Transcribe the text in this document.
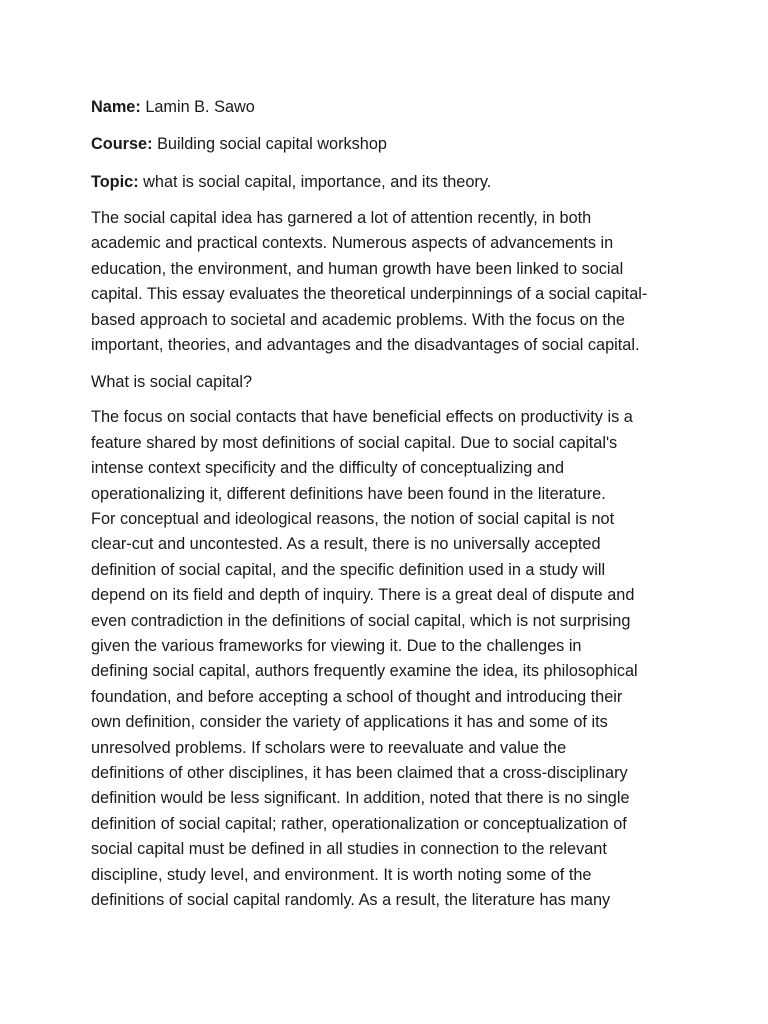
Name: Lamin B. Sawo
Course: Building social capital workshop
Topic: what is social capital, importance, and its theory.
The social capital idea has garnered a lot of attention recently, in both
academic and practical contexts. Numerous aspects of advancements in
education, the environment, and human growth have been linked to social
capital. This essay evaluates the theoretical underpinnings of a social capital-
based approach to societal and academic problems. With the focus on the
important, theories, and advantages and the disadvantages of social capital.
What is social capital?
The focus on social contacts that have beneficial effects on productivity is a
feature shared by most definitions of social capital. Due to social capital's
intense context specificity and the difficulty of conceptualizing and
operationalizing it, different definitions have been found in the literature.
For conceptual and ideological reasons, the notion of social capital is not
clear-cut and uncontested. As a result, there is no universally accepted
definition of social capital, and the specific definition used in a study will
depend on its field and depth of inquiry. There is a great deal of dispute and
even contradiction in the definitions of social capital, which is not surprising
given the various frameworks for viewing it. Due to the challenges in
defining social capital, authors frequently examine the idea, its philosophical
foundation, and before accepting a school of thought and introducing their
own definition, consider the variety of applications it has and some of its
unresolved problems. If scholars were to reevaluate and value the
definitions of other disciplines, it has been claimed that a cross-disciplinary
definition would be less significant. In addition, noted that there is no single
definition of social capital; rather, operationalization or conceptualization of
social capital must be defined in all studies in connection to the relevant
discipline, study level, and environment. It is worth noting some of the
definitions of social capital randomly. As a result, the literature has many
